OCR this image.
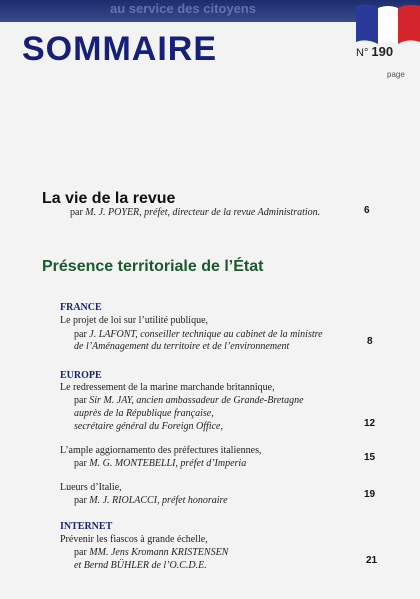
au service des citoyens
SOMMAIRE	N° 190
page
La vie de la revue
par M. J. POYER, préfet, directeur de la revue Administration.	6
Présence territoriale de l’État
FRANCE
Le projet de loi sur l’utilité publique,
par J. LAFONT, conseiller technique au cabinet de la ministre
de l’Aménagement du territoire et de l’environnement	8
EUROPE
Le redressement de la marine marchande britannique,
par Sir M. JAY, ancien ambassadeur de Grande-Bretagne
auprès de la République française,
secrétaire général du Foreign Office,	12
L’ample aggiornamento des préfectures italiennes,
par M. G. MONTEBELLI, préfet d’Imperia
15
Lueurs d’Italie,
par M. J. RIOLACCI, préfet honoraire
19
INTERNET
Prévenir les fiascos à grande échelle,
par MM. Jens Kromann KRISTENSEN
et Bernd BÜHLER de l’O.C.D.E.	21
